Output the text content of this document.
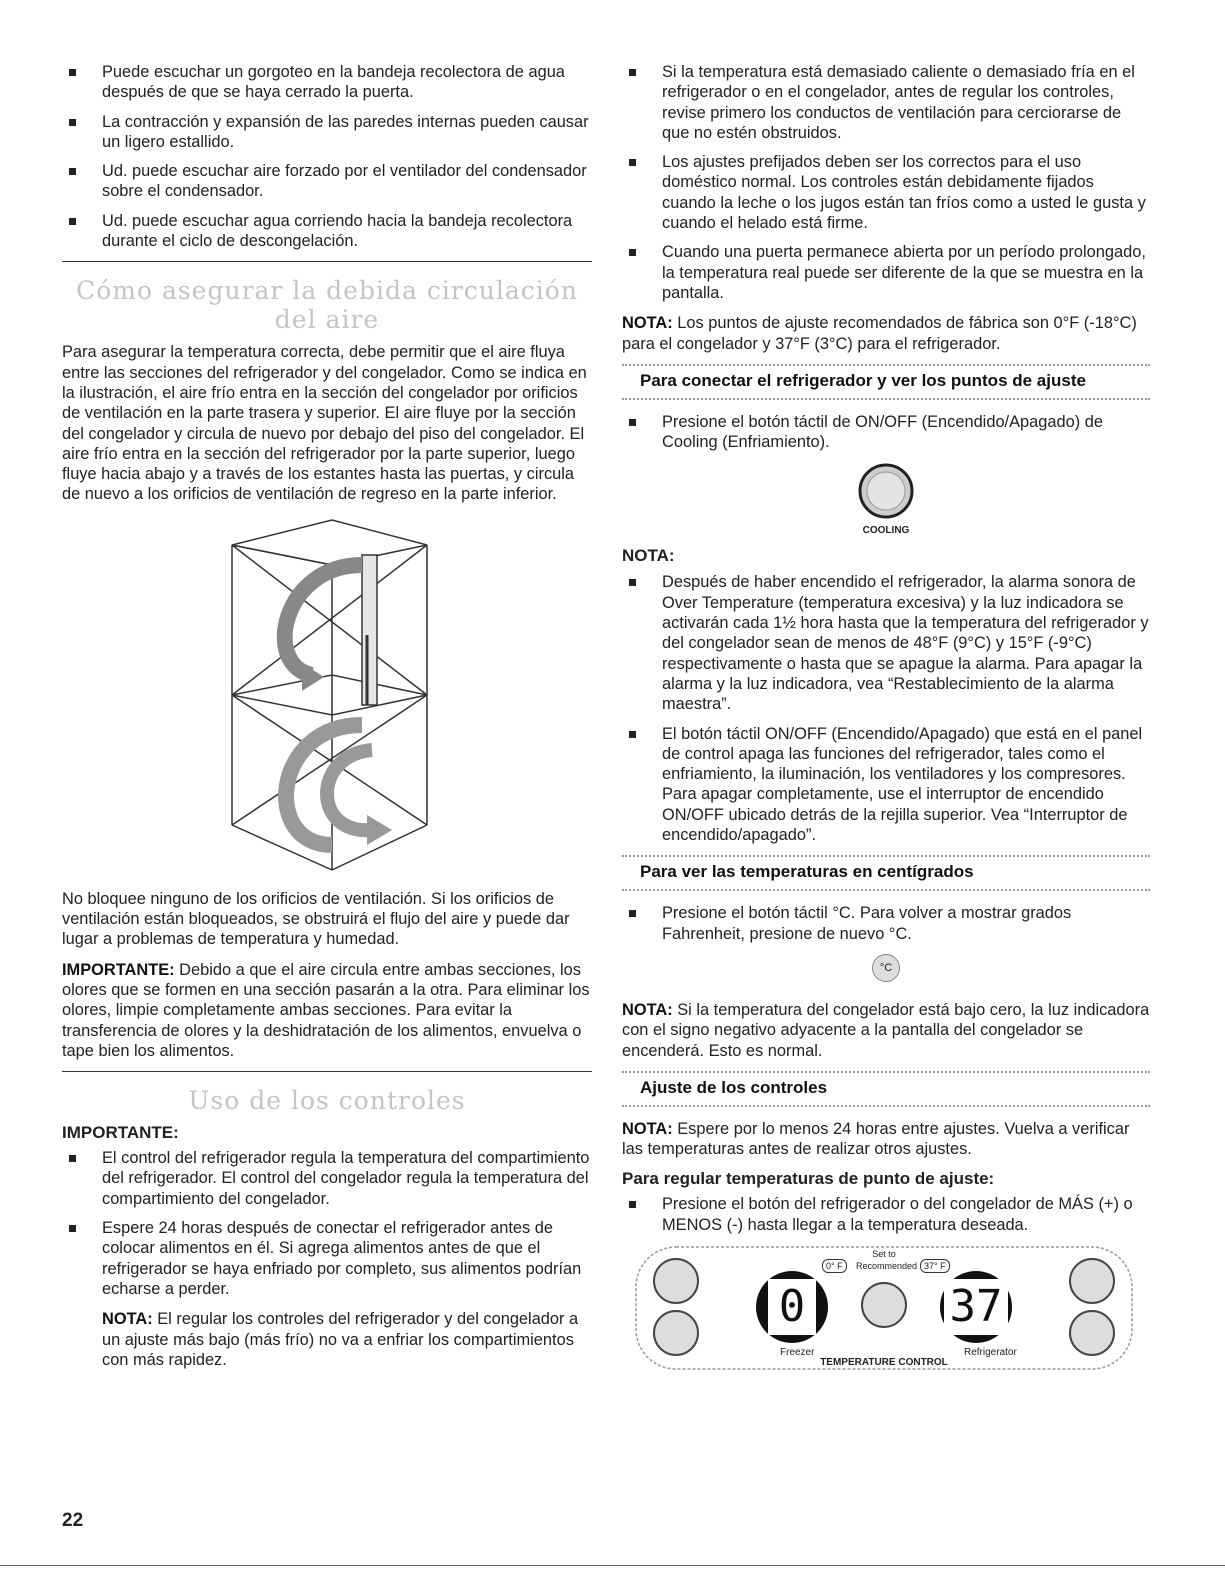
Puede escuchar un gorgoteo en la bandeja recolectora de agua después de que se haya cerrado la puerta.
La contracción y expansión de las paredes internas pueden causar un ligero estallido.
Ud. puede escuchar aire forzado por el ventilador del condensador sobre el condensador.
Ud. puede escuchar agua corriendo hacia la bandeja recolectora durante el ciclo de descongelación.
Cómo asegurar la debida circulación del aire

Para asegurar la temperatura correcta, debe permitir que el aire fluya entre las secciones del refrigerador y del congelador. Como se indica en la ilustración, el aire frío entra en la sección del congelador por orificios de ventilación en la parte trasera y superior. El aire fluye por la sección del congelador y circula de nuevo por debajo del piso del congelador. El aire frío entra en la sección del refrigerador por la parte superior, luego fluye hacia abajo y a través de los estantes hasta las puertas, y circula de nuevo a los orificios de ventilación de regreso en la parte inferior.

No bloquee ninguno de los orificios de ventilación. Si los orificios de ventilación están bloqueados, se obstruirá el flujo del aire y puede dar lugar a problemas de temperatura y humedad.

IMPORTANTE: Debido a que el aire circula entre ambas secciones, los olores que se formen en una sección pasarán a la otra. Para eliminar los olores, limpie completamente ambas secciones. Para evitar la transferencia de olores y la deshidratación de los alimentos, envuelva o tape bien los alimentos.

Uso de los controles
IMPORTANTE:
El control del refrigerador regula la temperatura del compartimiento del refrigerador. El control del congelador regula la temperatura del compartimiento del congelador.
Espere 24 horas después de conectar el refrigerador antes de colocar alimentos en él. Si agrega alimentos antes de que el refrigerador se haya enfriado por completo, sus alimentos podrían echarse a perder.

NOTA: El regular los controles del refrigerador y del congelador a un ajuste más bajo (más frío) no va a enfriar los compartimientos con más rapidez.

Si la temperatura está demasiado caliente o demasiado fría en el refrigerador o en el congelador, antes de regular los controles, revise primero los conductos de ventilación para cerciorarse de que no estén obstruidos.
Los ajustes prefijados deben ser los correctos para el uso doméstico normal. Los controles están debidamente fijados cuando la leche o los jugos están tan fríos como a usted le gusta y cuando el helado está firme.
Cuando una puerta permanece abierta por un período prolongado, la temperatura real puede ser diferente de la que se muestra en la pantalla.

NOTA: Los puntos de ajuste recomendados de fábrica son 0°F (-18°C) para el congelador y 37°F (3°C) para el refrigerador.

Para conectar el refrigerador y ver los puntos de ajuste
Presione el botón táctil de ON/OFF (Encendido/Apagado) de Cooling (Enfriamiento).
COOLING
NOTA:
Después de haber encendido el refrigerador, la alarma sonora de Over Temperature (temperatura excesiva) y la luz indicadora se activarán cada 1½ hora hasta que la temperatura del refrigerador y del congelador sean de menos de 48°F (9°C) y 15°F (-9°C) respectivamente o hasta que se apague la alarma. Para apagar la alarma y la luz indicadora, vea “Restablecimiento de la alarma maestra”.
El botón táctil ON/OFF (Encendido/Apagado) que está en el panel de control apaga las funciones del refrigerador, tales como el enfriamiento, la iluminación, los ventiladores y los compresores. Para apagar completamente, use el interruptor de encendido ON/OFF ubicado detrás de la rejilla superior. Vea “Interruptor de encendido/apagado”.
Para ver las temperaturas en centígrados
Presione el botón táctil °C. Para volver a mostrar grados Fahrenheit, presione de nuevo °C.
°C

NOTA: Si la temperatura del congelador está bajo cero, la luz indicadora con el signo negativo adyacente a la pantalla del congelador se encenderá. Esto es normal.

Ajuste de los controles

NOTA: Espere por lo menos 24 horas entre ajustes. Vuelva a verificar las temperaturas antes de realizar otros ajustes.

Para regular temperaturas de punto de ajuste:
Presione el botón del refrigerador o del congelador de MÁS (+) o MENOS (-) hasta llegar a la temperatura deseada.
0	37
Set to
0° F	Recommended 37° F
Freezer	Refrigerator
TEMPERATURE CONTROL
22
